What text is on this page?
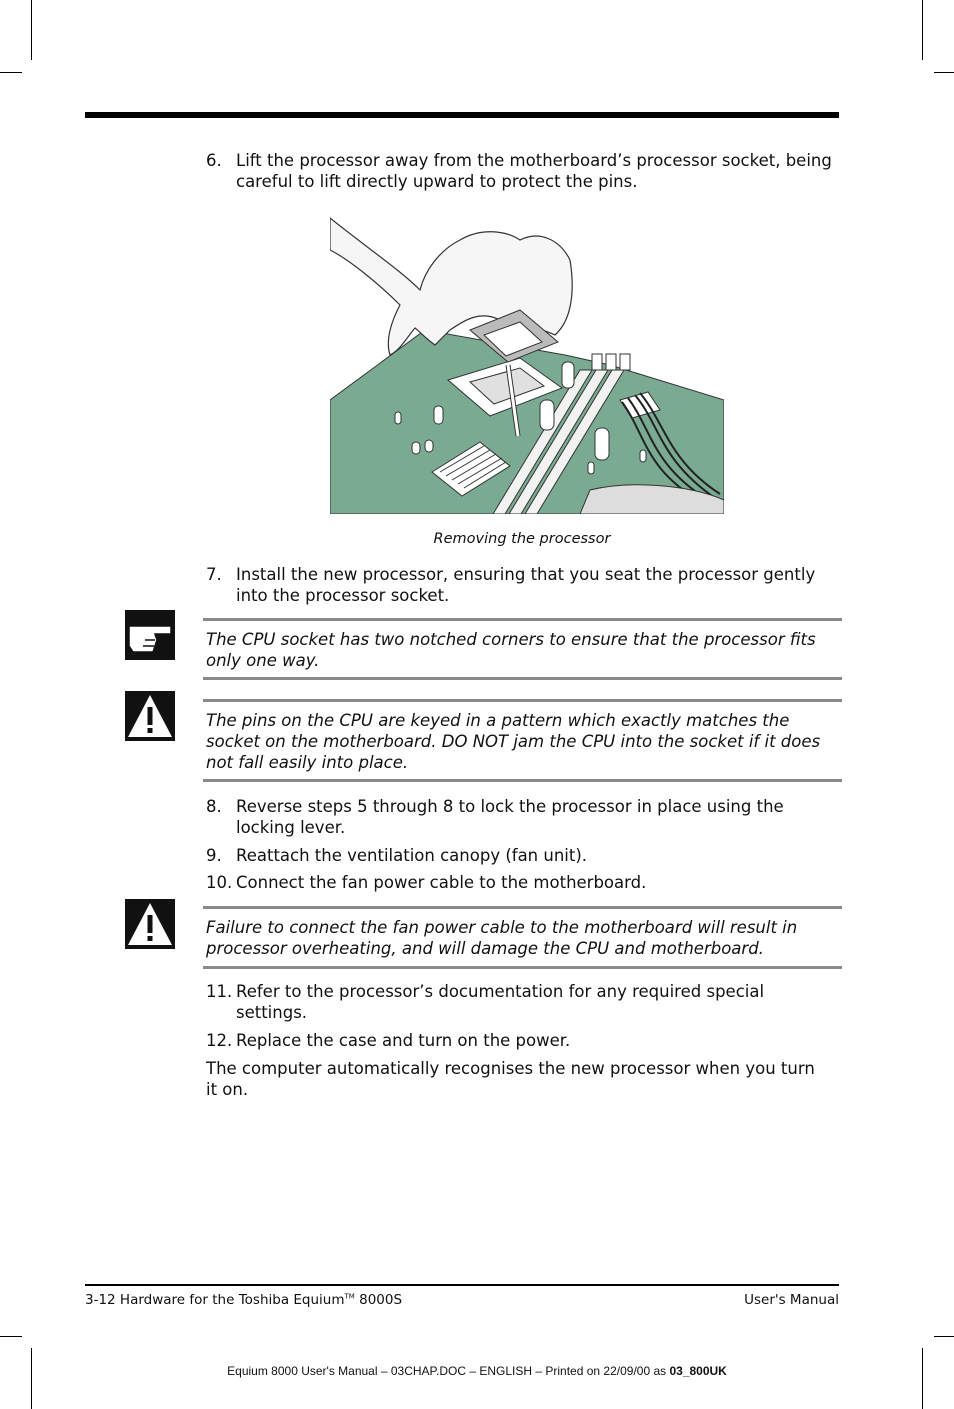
6. Lift the processor away from the motherboard’s processor socket, being careful to lift directly upward to protect the pins.
Removing the processor
7. Install the new processor, ensuring that you seat the processor gently into the processor socket.
The CPU socket has two notched corners to ensure that the processor fits only one way.
The pins on the CPU are keyed in a pattern which exactly matches the socket on the motherboard. DO NOT jam the CPU into the socket if it does not fall easily into place.
8. Reverse steps 5 through 8 to lock the processor in place using the locking lever.
9. Reattach the ventilation canopy (fan unit).
10. Connect the fan power cable to the motherboard.
Failure to connect the fan power cable to the motherboard will result in processor overheating, and will damage the CPU and motherboard.
11. Refer to the processor’s documentation for any required special settings.
12. Replace the case and turn on the power.
The computer automatically recognises the new processor when you turn it on.
3-12 Hardware for the Toshiba Equium™ 8000S	User's Manual
Equium 8000 User's Manual – 03CHAP.DOC – ENGLISH – Printed on 22/09/00 as 03_800UK
